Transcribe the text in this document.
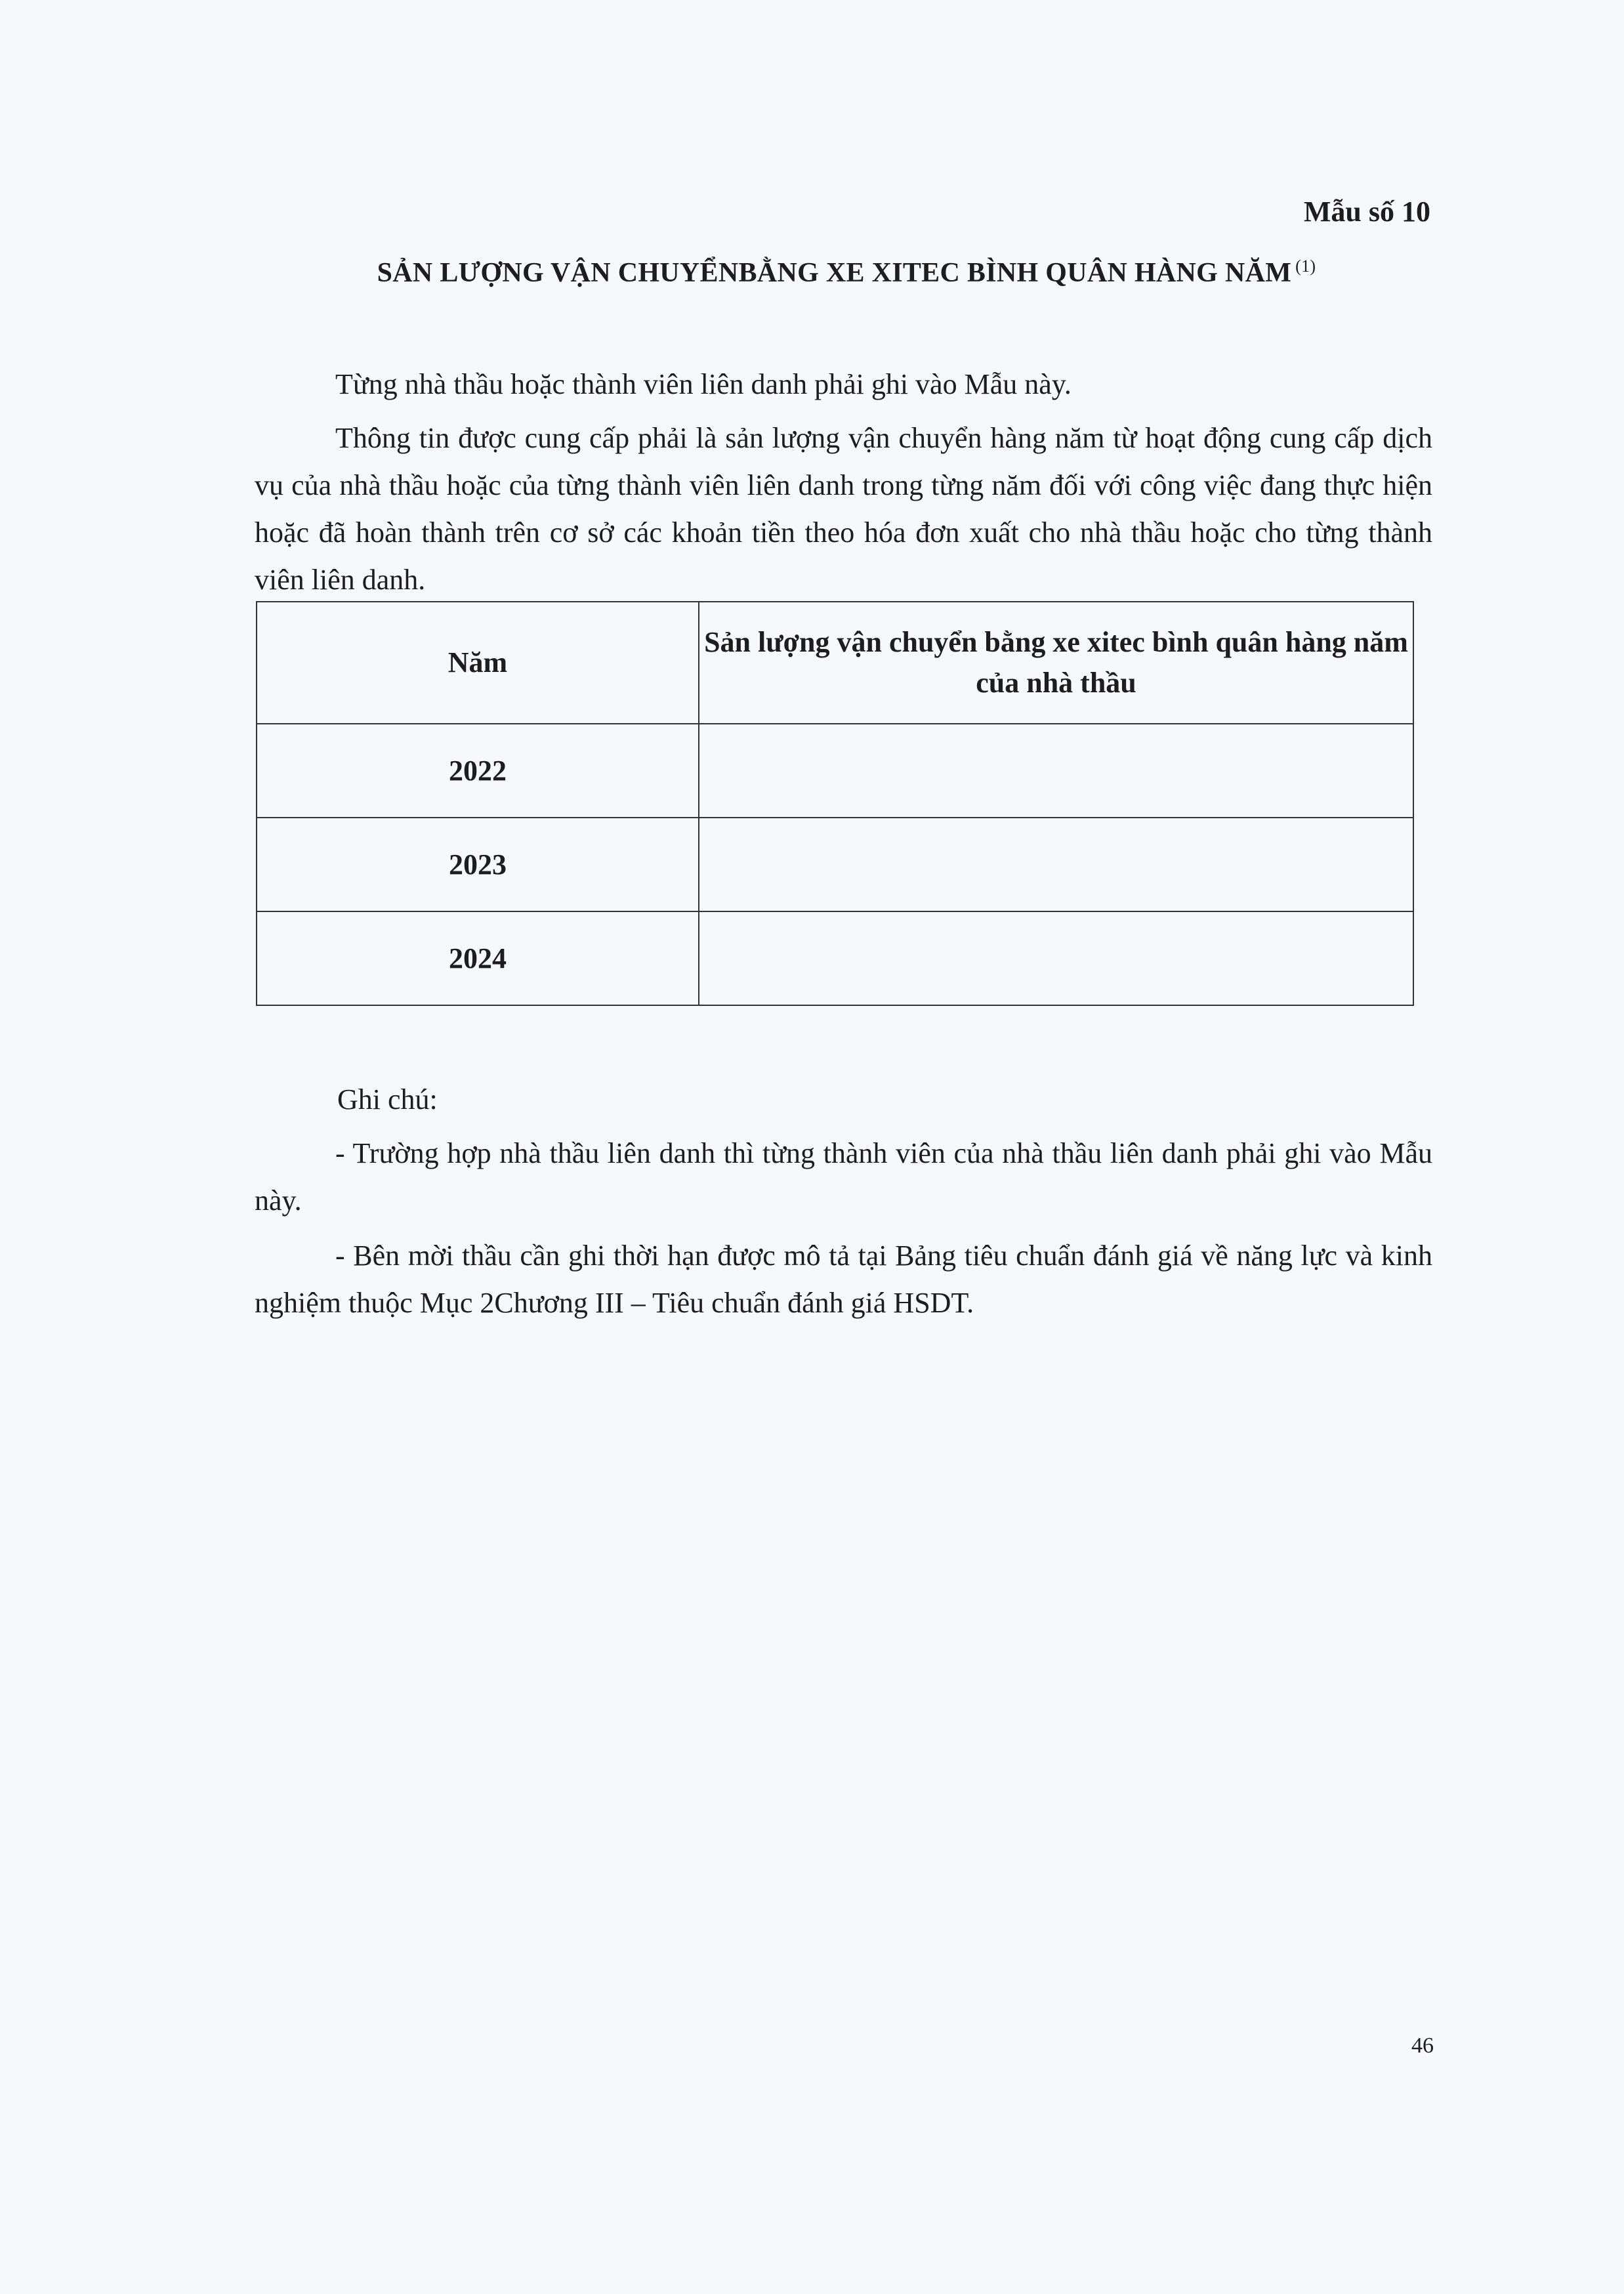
Mẫu số 10
SẢN LƯỢNG VẬN CHUYỂNBẰNG XE XITEC BÌNH QUÂN HÀNG NĂM $^{(1)}$
Từng nhà thầu hoặc thành viên liên danh phải ghi vào Mẫu này.
Thông tin được cung cấp phải là sản lượng vận chuyển hàng năm từ hoạt động cung cấp dịch vụ của nhà thầu hoặc của từng thành viên liên danh trong từng năm đối với công việc đang thực hiện hoặc đã hoàn thành trên cơ sở các khoản tiền theo hóa đơn xuất cho nhà thầu hoặc cho từng thành viên liên danh.
Năm	Sản lượng vận chuyển bằng xe xitec bình quân hàng năm của nhà thầu
2022	
2023	
2024	
Ghi chú:
- Trường hợp nhà thầu liên danh thì từng thành viên của nhà thầu liên danh phải ghi vào Mẫu này.
- Bên mời thầu cần ghi thời hạn được mô tả tại Bảng tiêu chuẩn đánh giá về năng lực và kinh nghiệm thuộc Mục 2Chương III – Tiêu chuẩn đánh giá HSDT.
46
